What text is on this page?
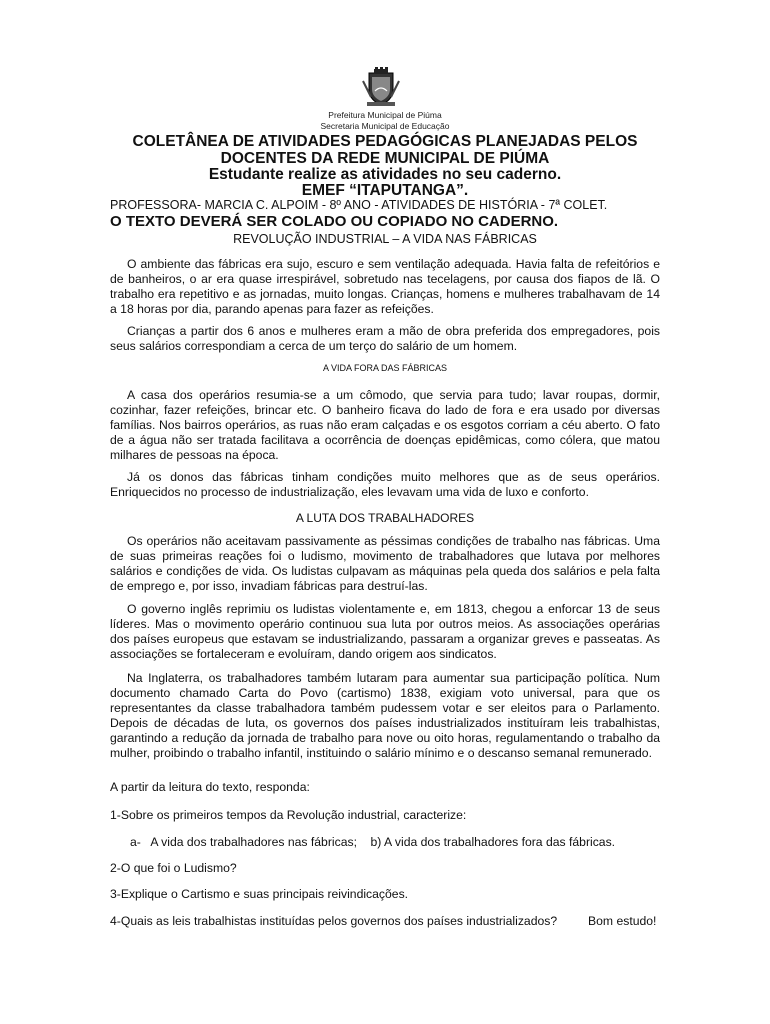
Prefeitura Municipal de Piúma
Secretaria Municipal de Educação
COLETÂNEA DE ATIVIDADES PEDAGÓGICAS PLANEJADAS PELOS
DOCENTES DA REDE MUNICIPAL DE PIÚMA
Estudante realize as atividades no seu caderno.
EMEF “ITAPUTANGA”.
PROFESSORA- MARCIA C. ALPOIM - 8º ANO - ATIVIDADES DE HISTÓRIA - 7ª COLET.
O TEXTO DEVERÁ SER COLADO OU COPIADO NO CADERNO.
REVOLUÇÃO INDUSTRIAL – A VIDA NAS FÁBRICAS
O ambiente das fábricas era sujo, escuro e sem ventilação adequada. Havia falta de refeitórios e de banheiros, o ar era quase irrespirável, sobretudo nas tecelagens, por causa dos fiapos de lã. O trabalho era repetitivo e as jornadas, muito longas. Crianças, homens e mulheres trabalhavam de 14 a 18 horas por dia, parando apenas para fazer as refeições.
Crianças a partir dos 6 anos e mulheres eram a mão de obra preferida dos empregadores, pois seus salários correspondiam a cerca de um terço do salário de um homem.
A VIDA FORA DAS FÁBRICAS
A casa dos operários resumia-se a um cômodo, que servia para tudo; lavar roupas, dormir, cozinhar, fazer refeições, brincar etc. O banheiro ficava do lado de fora e era usado por diversas famílias. Nos bairros operários, as ruas não eram calçadas e os esgotos corriam a céu aberto. O fato de a água não ser tratada facilitava a ocorrência de doenças epidêmicas, como cólera, que matou milhares de pessoas na época.
Já os donos das fábricas tinham condições muito melhores que as de seus operários. Enriquecidos no processo de industrialização, eles levavam uma vida de luxo e conforto.
A LUTA DOS TRABALHADORES
Os operários não aceitavam passivamente as péssimas condições de trabalho nas fábricas. Uma de suas primeiras reações foi o ludismo, movimento de trabalhadores que lutava por melhores salários e condições de vida. Os ludistas culpavam as máquinas pela queda dos salários e pela falta de emprego e, por isso, invadiam fábricas para destruí-las.
O governo inglês reprimiu os ludistas violentamente e, em 1813, chegou a enforcar 13 de seus líderes. Mas o movimento operário continuou sua luta por outros meios. As associações operárias dos países europeus que estavam se industrializando, passaram a organizar greves e passeatas. As associações se fortaleceram e evoluíram, dando origem aos sindicatos.
Na Inglaterra, os trabalhadores também lutaram para aumentar sua participação política. Num documento chamado Carta do Povo (cartismo) 1838, exigiam voto universal, para que os representantes da classe trabalhadora também pudessem votar e ser eleitos para o Parlamento. Depois de décadas de luta, os governos dos países industrializados instituíram leis trabalhistas, garantindo a redução da jornada de trabalho para nove ou oito horas, regulamentando o trabalho da mulher, proibindo o trabalho infantil, instituindo o salário mínimo e o descanso semanal remunerado.
A partir da leitura do texto, responda:
1-Sobre os primeiros tempos da Revolução industrial, caracterize:
a-   A vida dos trabalhadores nas fábricas;    b) A vida dos trabalhadores fora das fábricas.
2-O que foi o Ludismo?
3-Explique o Cartismo e suas principais reivindicações.
4-Quais as leis trabalhistas instituídas pelos governos dos países industrializados?	Bom estudo!
